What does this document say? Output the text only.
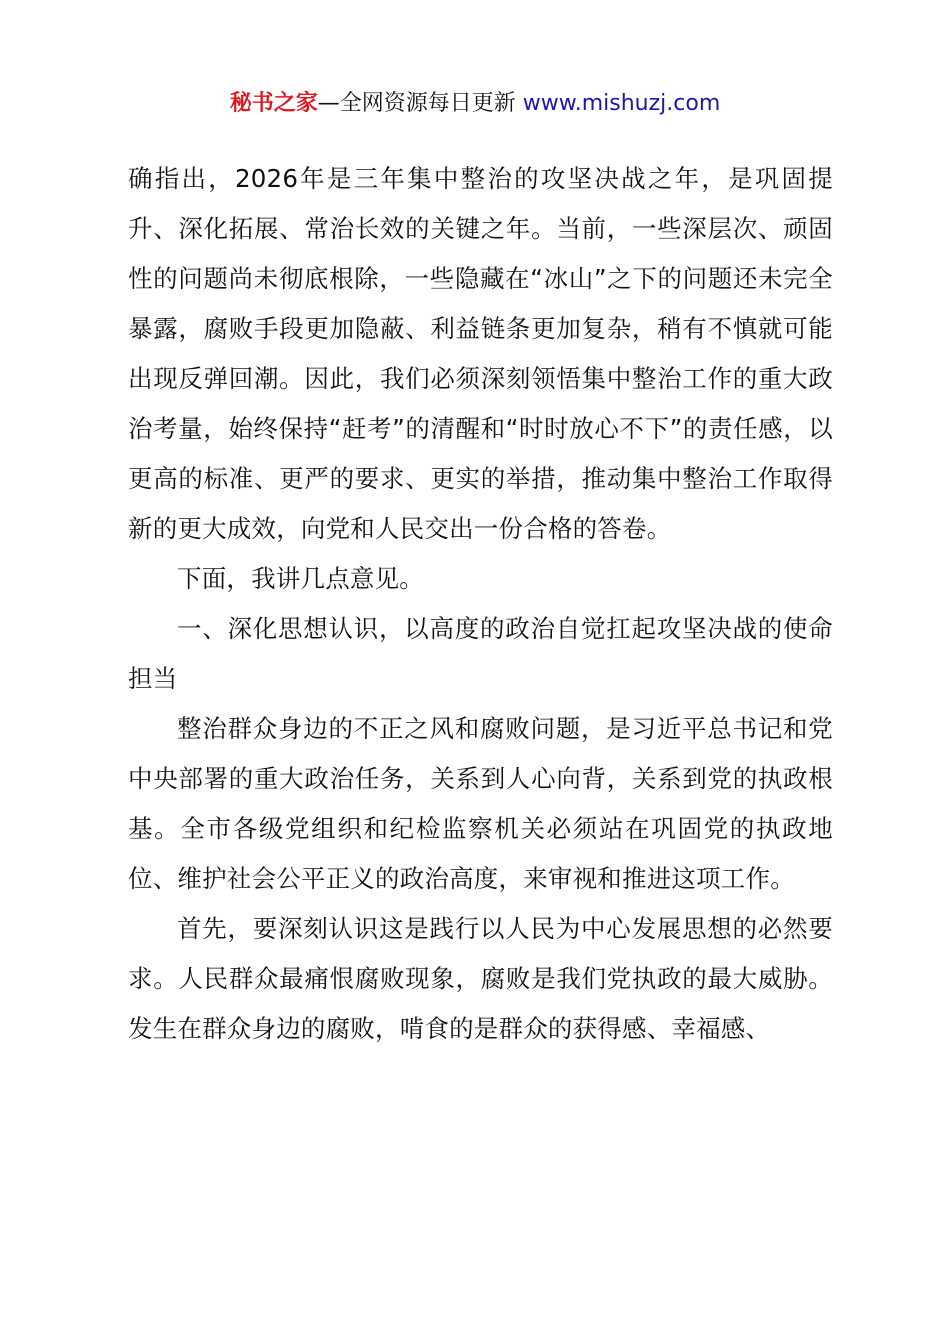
秘书之家—全网资源每日更新 www.mishuzj.com

确指出，2026年是三年集中整治的攻坚决战之年，是巩固提升、深化拓展、常治长效的关键之年。当前，一些深层次、顽固性的问题尚未彻底根除，一些隐藏在“冰山”之下的问题还未完全暴露，腐败手段更加隐蔽、利益链条更加复杂，稍有不慎就可能出现反弹回潮。因此，我们必须深刻领悟集中整治工作的重大政治考量，始终保持“赶考”的清醒和“时时放心不下”的责任感，以更高的标准、更严的要求、更实的举措，推动集中整治工作取得新的更大成效，向党和人民交出一份合格的答卷。

下面，我讲几点意见。

一、深化思想认识，以高度的政治自觉扛起攻坚决战的使命担当

整治群众身边的不正之风和腐败问题，是习近平总书记和党中央部署的重大政治任务，关系到人心向背，关系到党的执政根基。全市各级党组织和纪检监察机关必须站在巩固党的执政地位、维护社会公平正义的政治高度，来审视和推进这项工作。

首先，要深刻认识这是践行以人民为中心发展思想的必然要求。人民群众最痛恨腐败现象，腐败是我们党执政的最大威胁。发生在群众身边的腐败，啃食的是群众的获得感、幸福感、
